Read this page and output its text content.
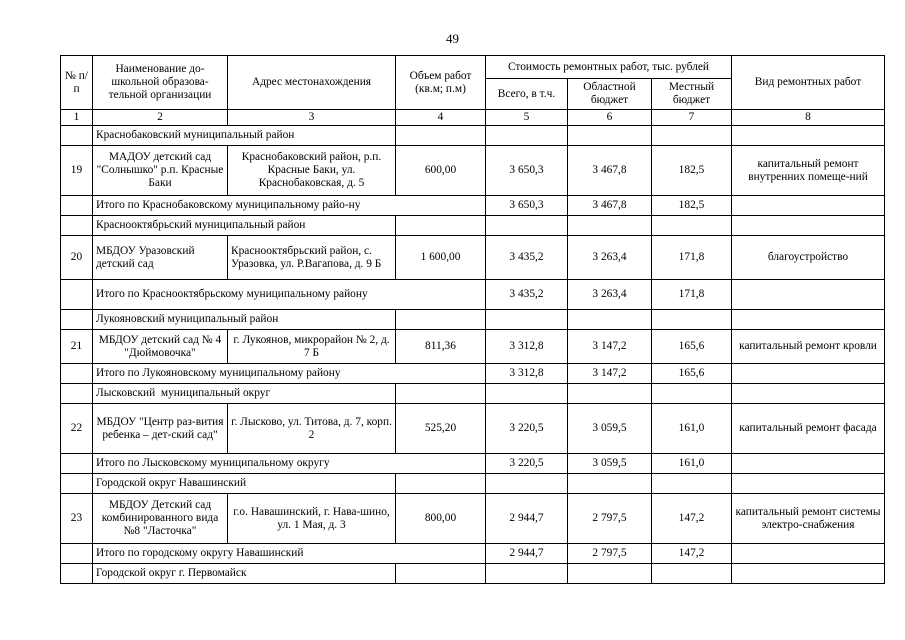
49
№ п/п	Наименование до-школьной образова-тельной организации	Адрес местонахождения	Объем работ (кв.м; п.м)	Стоимость ремонтных работ, тыс. рублей			Вид ремонтных работ
				Всего, в т.ч.	Областной бюджет	Местный бюджет	
1	2	3	4	5	6	7	8
	Краснобаковский муниципальный район						
19	МАДОУ детский сад "Солнышко" р.п. Красные Баки	Краснобаковский район, р.п. Красные Баки, ул. Краснобаковская, д. 5	600,00	3 650,3	3 467,8	182,5	капитальный ремонт внутренних помеще-ний
	Итого по Краснобаковскому муниципальному райо-ну			3 650,3	3 467,8	182,5	
	Краснооктябрьский муниципальный район						
20	МБДОУ Уразовский детский сад	Краснооктябрьский район, с. Уразовка, ул. Р.Вагапова, д. 9 Б	1 600,00	3 435,2	3 263,4	171,8	благоустройство
	Итого по Краснооктябрьскому муниципальному району			3 435,2	3 263,4	171,8	
	Лукояновский муниципальный район						
21	МБДОУ детский сад № 4 "Дюймовочка"	г. Лукоянов, микрорайон № 2, д. 7 Б	811,36	3 312,8	3 147,2	165,6	капитальный ремонт кровли
	Итого по Лукояновскому муниципальному району			3 312,8	3 147,2	165,6	
	Лысковский  муниципальный округ						
22	МБДОУ "Центр раз-вития ребенка – дет-ский сад"	г. Лысково, ул. Титова, д. 7, корп. 2	525,20	3 220,5	3 059,5	161,0	капитальный ремонт фасада
	Итого по Лысковскому муниципальному округу			3 220,5	3 059,5	161,0	
	Городской округ Навашинский						
23	МБДОУ Детский сад комбинированного вида №8 "Ласточка"	г.о. Навашинский, г. Нава-шино, ул. 1 Мая, д. 3	800,00	2 944,7	2 797,5	147,2	капитальный ремонт системы электро-снабжения
	Итого по городскому округу Навашинский			2 944,7	2 797,5	147,2	
	Городской округ г. Первомайск						
